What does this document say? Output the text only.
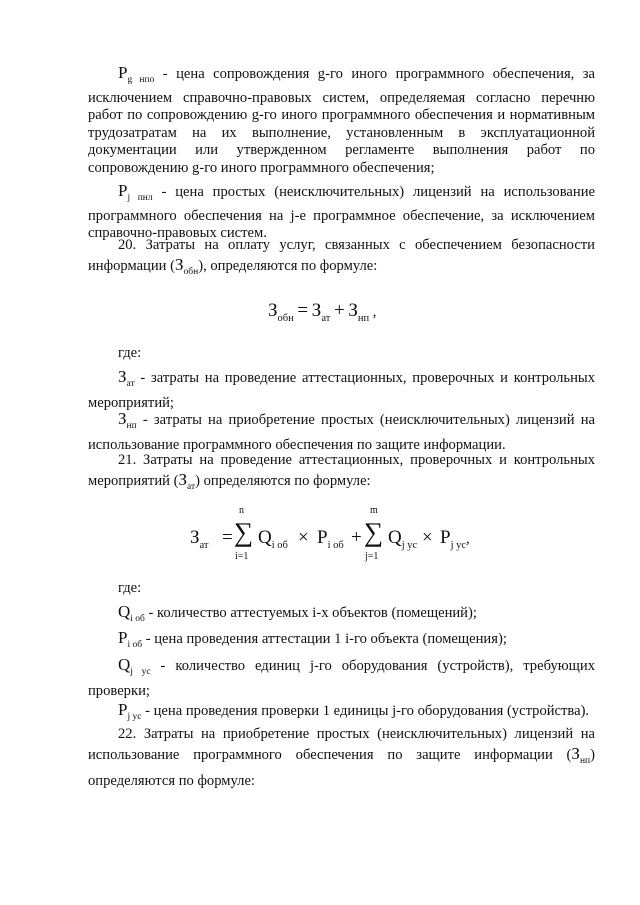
$P_{g нпо}$ - цена сопровождения g-го иного программного обеспечения, за исключением справочно-правовых систем, определяемая согласно перечню работ по сопровождению g-го иного программного обеспечения и нормативным трудозатратам на их выполнение, установленным в эксплуатационной документации или утвержденном регламенте выполнения работ по сопровождению g-го иного программного обеспечения;

$P_{j пнл}$ - цена простых (неисключительных) лицензий на использование программного обеспечения на j-е программное обеспечение, за исключением справочно-правовых систем.

20. Затраты на оплату услуг, связанных с обеспечением безопасности информации $(З_{обн})$, определяются по формуле:

$З_{обн} = З_{ат} + З_{нп}$ ,

где:

$З_{ат}$ - затраты на проведение аттестационных, проверочных и контрольных мероприятий;

$З_{нп}$ - затраты на приобретение простых (неисключительных) лицензий на использование программного обеспечения по защите информации.

21. Затраты на проведение аттестационных, проверочных и контрольных мероприятий $(З_{ат})$ определяются по формуле:

$З_{ат}$ =
n
∑
i=1
$Q_{i об} \times P_{i об}$ +
m
∑
j=1
$Q_{j ус} \times P_{j ус}$,

где:

$Q_{i об}$ - количество аттестуемых i-х объектов (помещений);

$P_{i об}$ - цена проведения аттестации 1 i-го объекта (помещения);

$Q_{j ус}$ - количество единиц j-го оборудования (устройств), требующих проверки;

$P_{j ус}$ - цена проведения проверки 1 единицы j-го оборудования (устройства).

22. Затраты на приобретение простых (неисключительных) лицензий на использование программного обеспечения по защите информации $(З_{нп})$ определяются по формуле:
